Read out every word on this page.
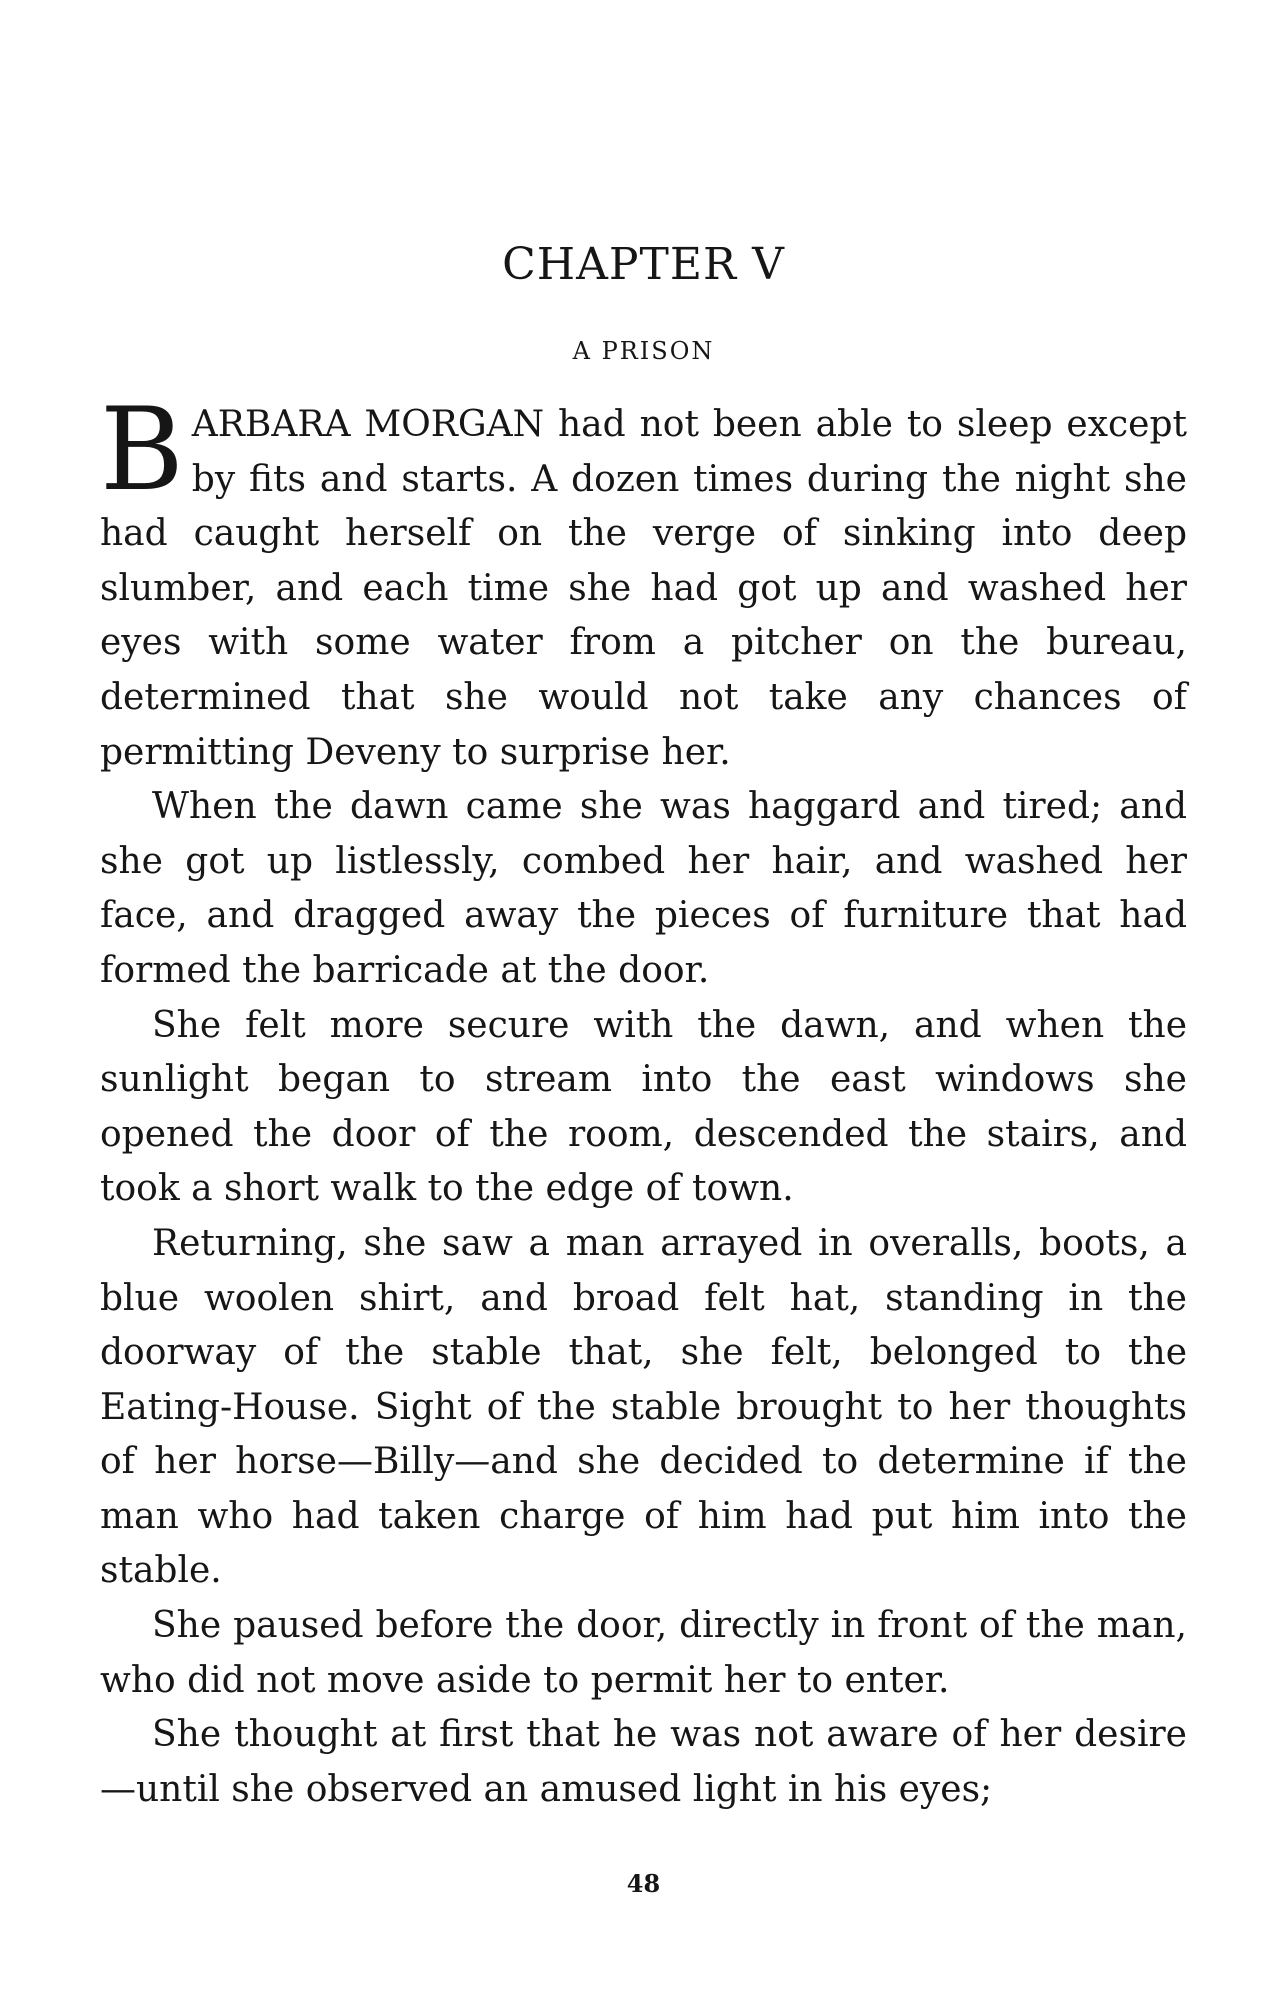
CHAPTER V
A PRISON

BARBARA MORGAN had not been able to sleep except by fits and starts. A dozen times during the night she had caught herself on the verge of sinking into deep slumber, and each time she had got up and washed her eyes with some water from a pitcher on the bureau, determined that she would not take any chances of permitting Deveny to surprise her.

When the dawn came she was haggard and tired; and she got up listlessly, combed her hair, and washed her face, and dragged away the pieces of furniture that had formed the barricade at the door.

She felt more secure with the dawn, and when the sunlight began to stream into the east windows she opened the door of the room, descended the stairs, and took a short walk to the edge of town.

Returning, she saw a man arrayed in overalls, boots, a blue woolen shirt, and broad felt hat, standing in the doorway of the stable that, she felt, belonged to the Eating-House. Sight of the stable brought to her thoughts of her horse—Billy—and she decided to determine if the man who had taken charge of him had put him into the stable.

She paused before the door, directly in front of the man, who did not move aside to permit her to enter.

She thought at first that he was not aware of her desire—until she observed an amused light in his eyes;

48
